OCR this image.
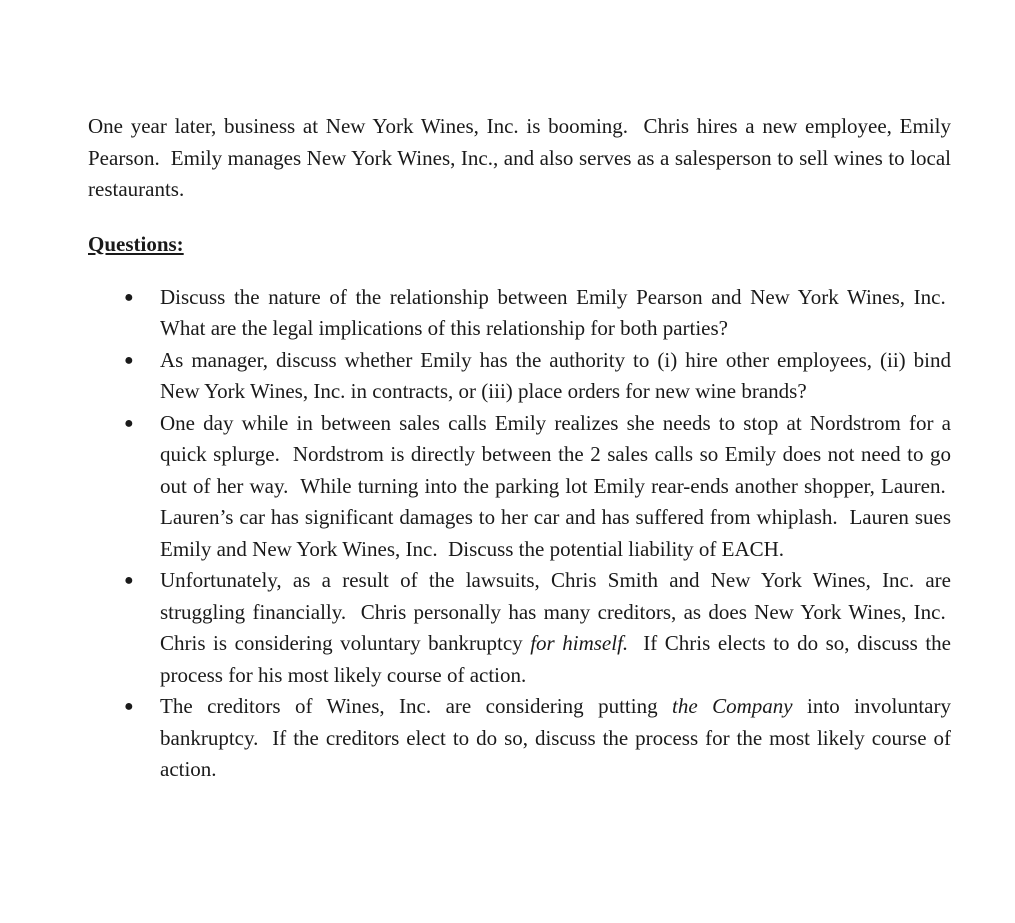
One year later, business at New York Wines, Inc. is booming.  Chris hires a new employee, Emily Pearson.  Emily manages New York Wines, Inc., and also serves as a salesperson to sell wines to local restaurants.

Questions:
● Discuss the nature of the relationship between Emily Pearson and New York Wines, Inc.  What are the legal implications of this relationship for both parties?
● As manager, discuss whether Emily has the authority to (i) hire other employees, (ii) bind New York Wines, Inc. in contracts, or (iii) place orders for new wine brands?
● One day while in between sales calls Emily realizes she needs to stop at Nordstrom for a quick splurge.  Nordstrom is directly between the 2 sales calls so Emily does not need to go out of her way.  While turning into the parking lot Emily rear-ends another shopper, Lauren.  Lauren’s car has significant damages to her car and has suffered from whiplash.  Lauren sues Emily and New York Wines, Inc.  Discuss the potential liability of EACH.
● Unfortunately, as a result of the lawsuits, Chris Smith and New York Wines, Inc. are struggling financially.  Chris personally has many creditors, as does New York Wines, Inc.  Chris is considering voluntary bankruptcy for himself.  If Chris elects to do so, discuss the process for his most likely course of action.
● The creditors of Wines, Inc. are considering putting the Company into involuntary bankruptcy.  If the creditors elect to do so, discuss the process for the most likely course of action.
